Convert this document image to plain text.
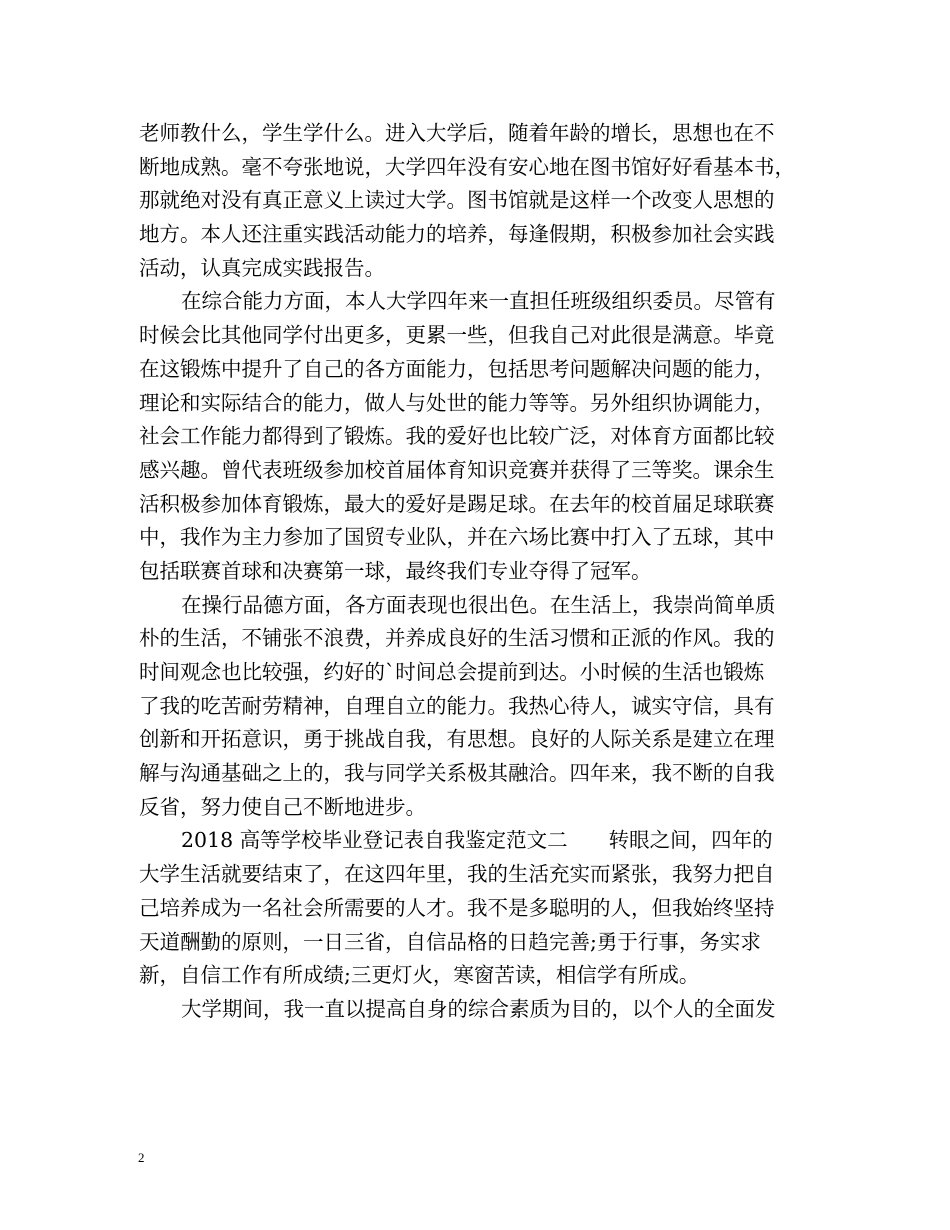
老师教什么，学生学什么。进入大学后，随着年龄的增长，思想也在不
断地成熟。毫不夸张地说，大学四年没有安心地在图书馆好好看基本书，
那就绝对没有真正意义上读过大学。图书馆就是这样一个改变人思想的
地方。本人还注重实践活动能力的培养，每逢假期，积极参加社会实践
活动，认真完成实践报告。
在综合能力方面，本人大学四年来一直担任班级组织委员。尽管有
时候会比其他同学付出更多，更累一些，但我自己对此很是满意。毕竟
在这锻炼中提升了自己的各方面能力，包括思考问题解决问题的能力，
理论和实际结合的能力，做人与处世的能力等等。另外组织协调能力，
社会工作能力都得到了锻炼。我的爱好也比较广泛，对体育方面都比较
感兴趣。曾代表班级参加校首届体育知识竞赛并获得了三等奖。课余生
活积极参加体育锻炼，最大的爱好是踢足球。在去年的校首届足球联赛
中，我作为主力参加了国贸专业队，并在六场比赛中打入了五球，其中
包括联赛首球和决赛第一球，最终我们专业夺得了冠军。
在操行品德方面，各方面表现也很出色。在生活上，我崇尚简单质
朴的生活，不铺张不浪费，并养成良好的生活习惯和正派的作风。我的
时间观念也比较强，约好的`时间总会提前到达。小时候的生活也锻炼
了我的吃苦耐劳精神，自理自立的能力。我热心待人，诚实守信，具有
创新和开拓意识，勇于挑战自我，有思想。良好的人际关系是建立在理
解与沟通基础之上的，我与同学关系极其融洽。四年来，我不断的自我
反省，努力使自己不断地进步。
2018 高等学校毕业登记表自我鉴定范文二　　转眼之间，四年的
大学生活就要结束了，在这四年里，我的生活充实而紧张，我努力把自
己培养成为一名社会所需要的人才。我不是多聪明的人，但我始终坚持
天道酬勤的原则，一日三省，自信品格的日趋完善;勇于行事，务实求
新，自信工作有所成绩;三更灯火，寒窗苦读，相信学有所成。
大学期间，我一直以提高自身的综合素质为目的，以个人的全面发
2
